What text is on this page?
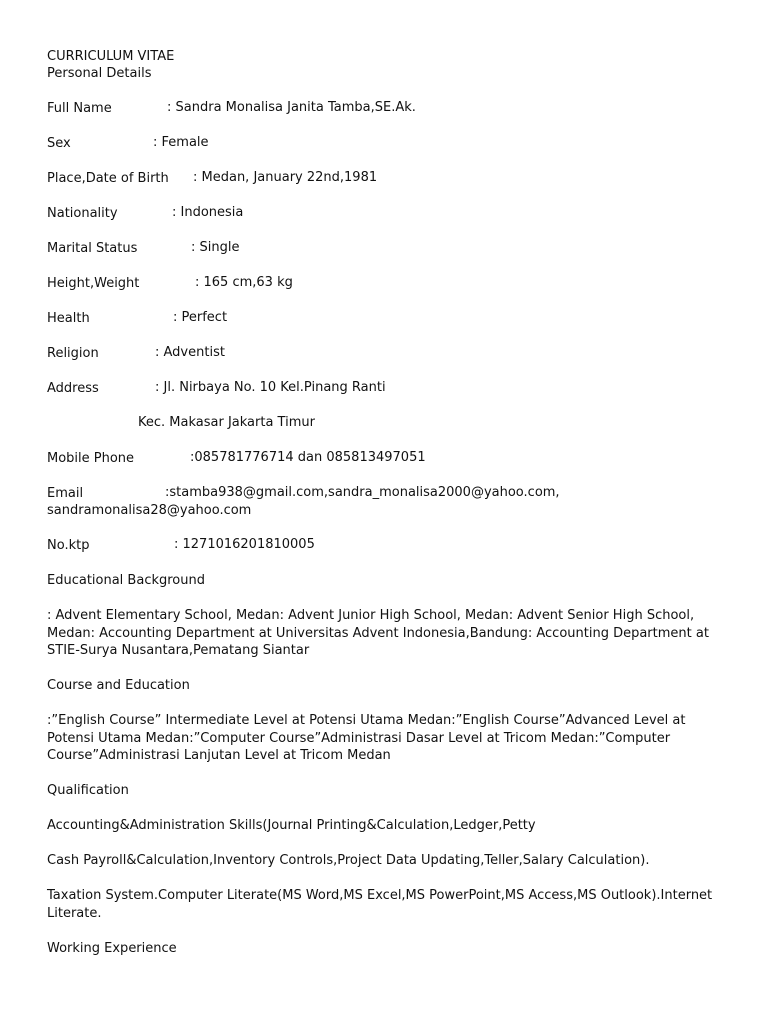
CURRICULUM VITAE
Personal Details
Full Name	: Sandra Monalisa Janita Tamba,SE.Ak.
Sex	: Female
Place,Date of Birth : Medan, January 22nd,1981
Nationality	: Indonesia
Marital Status	: Single
Height,Weight	: 165 cm,63 kg
Health	: Perfect
Religion	: Adventist
Address	: Jl. Nirbaya No. 10 Kel.Pinang Ranti
Kec. Makasar Jakarta Timur
Mobile Phone	:085781776714 dan 085813497051
Email	:stamba938@gmail.com,sandra_monalisa2000@yahoo.com,
sandramonalisa28@yahoo.com
No.ktp	: 1271016201810005
Educational Background
: Advent Elementary School, Medan: Advent Junior High School, Medan: Advent Senior High School, Medan: Accounting Department at Universitas Advent Indonesia,Bandung: Accounting Department at STIE-Surya Nusantara,Pematang Siantar
Course and Education
:”English Course” Intermediate Level at Potensi Utama Medan:”English Course”Advanced Level at Potensi Utama Medan:”Computer Course”Administrasi Dasar Level at Tricom Medan:”Computer Course”Administrasi Lanjutan Level at Tricom Medan
Qualification
Accounting&Administration Skills(Journal Printing&Calculation,Ledger,Petty
Cash Payroll&Calculation,Inventory Controls,Project Data Updating,Teller,Salary Calculation).
Taxation System.Computer Literate(MS Word,MS Excel,MS PowerPoint,MS Access,MS Outlook).Internet Literate.
Working Experience
